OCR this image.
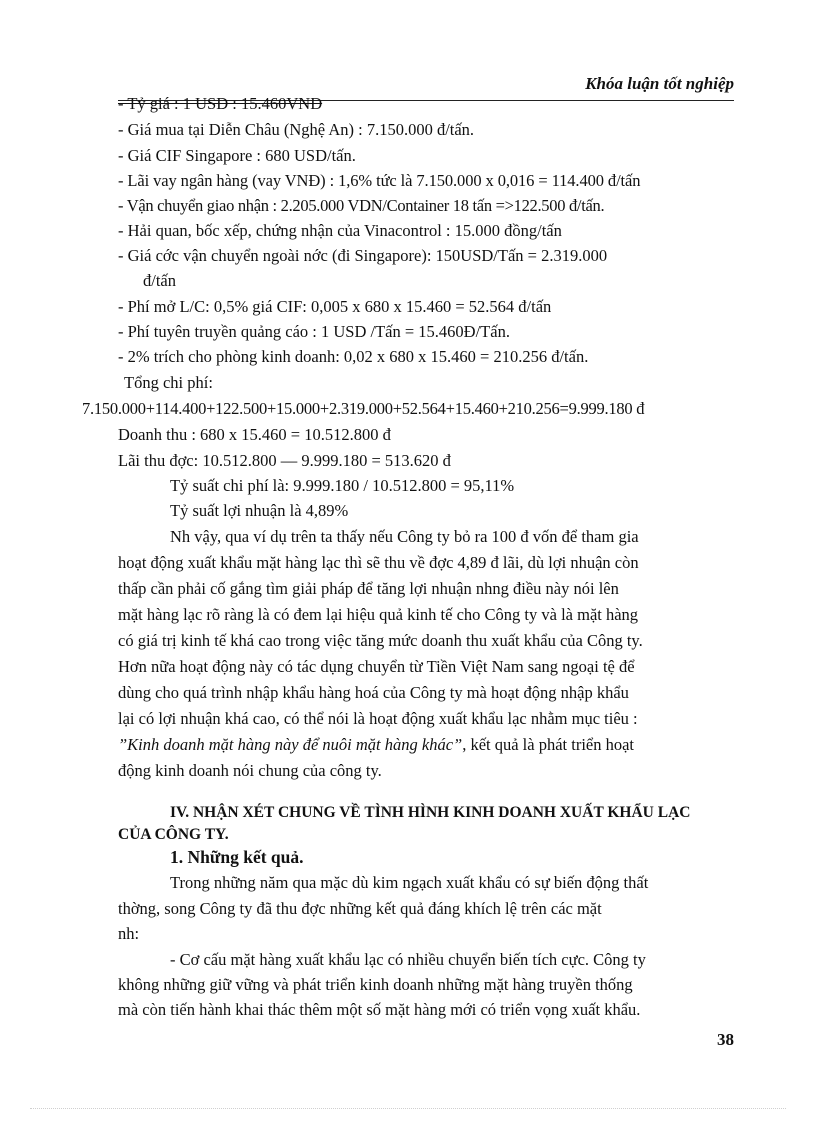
Khóa luận tốt nghiệp
- Tỷ giá : 1 USD : 15.460VNĐ
- Giá mua tại Diễn Châu (Nghệ An) : 7.150.000 đ/tấn.
- Giá CIF Singapore : 680 USD/tấn.
- Lãi vay ngân hàng (vay VNĐ) : 1,6% tức là 7.150.000 x 0,016 = 114.400 đ/tấn
- Vận chuyển giao nhận : 2.205.000 VDN/Container 18 tấn =>122.500 đ/tấn.
- Hải quan, bốc xếp, chứng nhận của Vinacontrol : 15.000 đồng/tấn
- Giá cớc vận chuyển ngoài nớc (đi Singapore): 150USD/Tấn = 2.319.000
đ/tấn
- Phí mở L/C: 0,5% giá CIF: 0,005 x 680 x 15.460 = 52.564 đ/tấn
- Phí tuyên truyền quảng cáo : 1 USD /Tấn = 15.460Đ/Tấn.
- 2% trích cho phòng kinh doanh: 0,02 x 680 x 15.460 = 210.256 đ/tấn.
Tổng chi phí:
7.150.000+114.400+122.500+15.000+2.319.000+52.564+15.460+210.256=9.999.180 đ
Doanh thu : 680 x 15.460 = 10.512.800 đ
Lãi thu đợc: 10.512.800 — 9.999.180 = 513.620 đ
Tỷ suất chi phí là: 9.999.180 / 10.512.800 = 95,11%
Tỷ suất lợi nhuận là 4,89%
Nh vậy, qua ví dụ trên ta thấy nếu Công ty bỏ ra 100 đ vốn để tham gia
hoạt động xuất khẩu mặt hàng lạc thì sẽ thu về đợc 4,89 đ lãi, dù lợi nhuận còn
thấp cần phải cố gắng tìm giải pháp để tăng lợi nhuận nhng điều này nói lên
mặt hàng lạc rõ ràng là có đem lại hiệu quả kinh tế cho Công ty và là mặt hàng
có giá trị kinh tế khá cao trong việc tăng mức doanh thu xuất khẩu của Công ty.
Hơn nữa hoạt động này có tác dụng chuyển từ Tiền Việt Nam sang ngoại tệ để
dùng cho quá trình nhập khẩu hàng hoá của Công ty mà hoạt động nhập khẩu
lại có lợi nhuận khá cao, có thể nói là hoạt động xuất khẩu lạc nhằm mục tiêu :
”Kinh doanh mặt hàng này để nuôi mặt hàng khác”, kết quả là phát triển hoạt
động kinh doanh nói chung của công ty.
IV. NHẬN XÉT CHUNG VỀ TÌNH HÌNH KINH DOANH XUẤT KHẨU LẠC
CỦA CÔNG TY.
1. Những kết quả.
Trong những năm qua mặc dù kim ngạch xuất khẩu có sự biến động thất
thờng, song Công ty đã thu đợc những kết quả đáng khích lệ trên các mặt
nh:
- Cơ cấu mặt hàng xuất khẩu lạc có nhiều chuyển biến tích cực. Công ty
không những giữ vững và phát triển kinh doanh những mặt hàng truyền thống
mà còn tiến hành khai thác thêm một số mặt hàng mới có triển vọng xuất khẩu.
38
